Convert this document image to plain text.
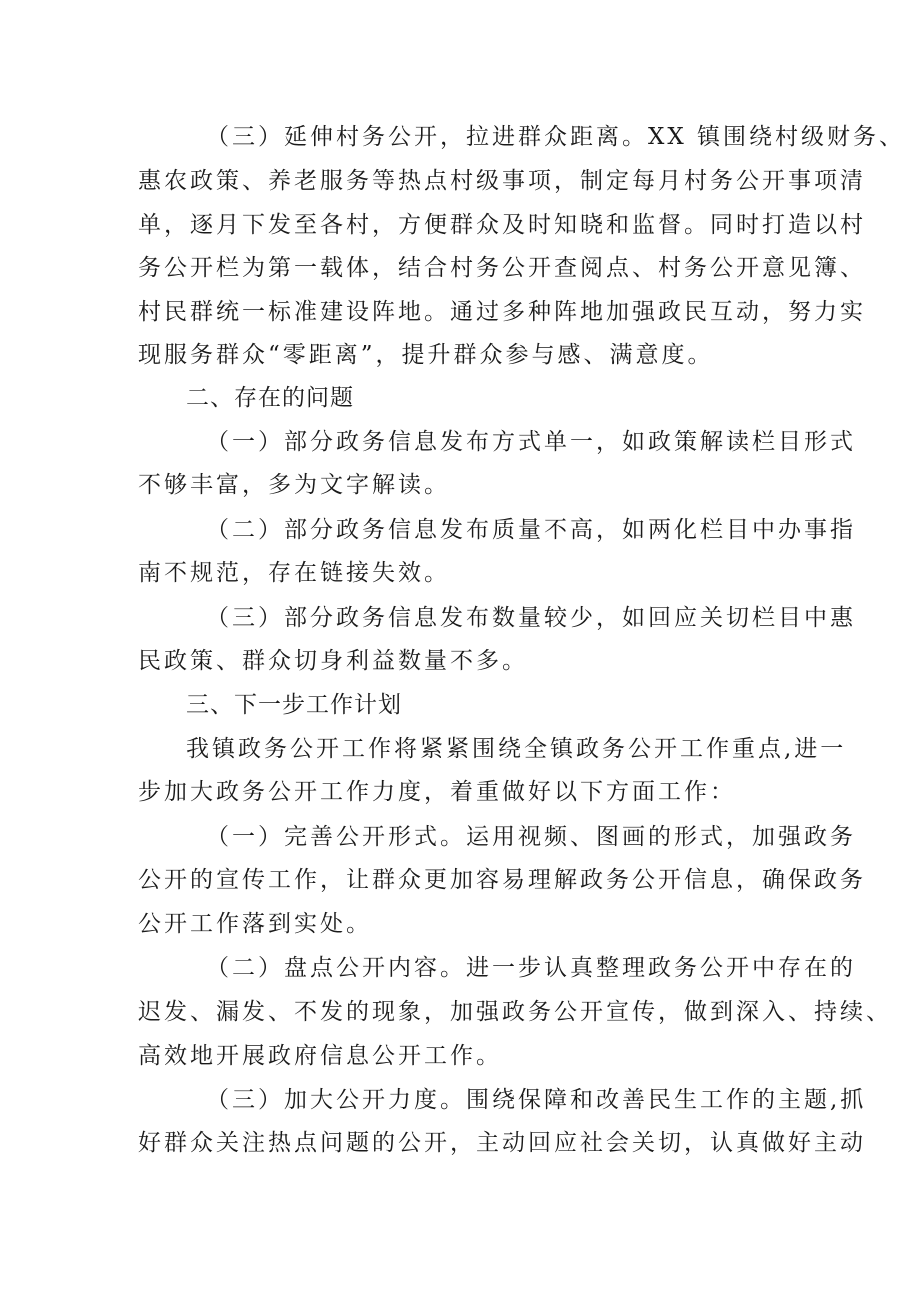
（三）延伸村务公开，拉进群众距离。XX 镇围绕村级财务、
惠农政策、养老服务等热点村级事项，制定每月村务公开事项清
单，逐月下发至各村，方便群众及时知晓和监督。同时打造以村
务公开栏为第一载体，结合村务公开查阅点、村务公开意见簿、
村民群统一标准建设阵地。通过多种阵地加强政民互动，努力实
现服务群众“零距离”，提升群众参与感、满意度。
二、存在的问题
（一）部分政务信息发布方式单一，如政策解读栏目形式
不够丰富，多为文字解读。
（二）部分政务信息发布质量不高，如两化栏目中办事指
南不规范，存在链接失效。
（三）部分政务信息发布数量较少，如回应关切栏目中惠
民政策、群众切身利益数量不多。
三、下一步工作计划
我镇政务公开工作将紧紧围绕全镇政务公开工作重点,进一
步加大政务公开工作力度，着重做好以下方面工作：
（一）完善公开形式。运用视频、图画的形式，加强政务
公开的宣传工作，让群众更加容易理解政务公开信息，确保政务
公开工作落到实处。
（二）盘点公开内容。进一步认真整理政务公开中存在的
迟发、漏发、不发的现象，加强政务公开宣传，做到深入、持续、
高效地开展政府信息公开工作。
（三）加大公开力度。围绕保障和改善民生工作的主题,抓
好群众关注热点问题的公开，主动回应社会关切，认真做好主动
